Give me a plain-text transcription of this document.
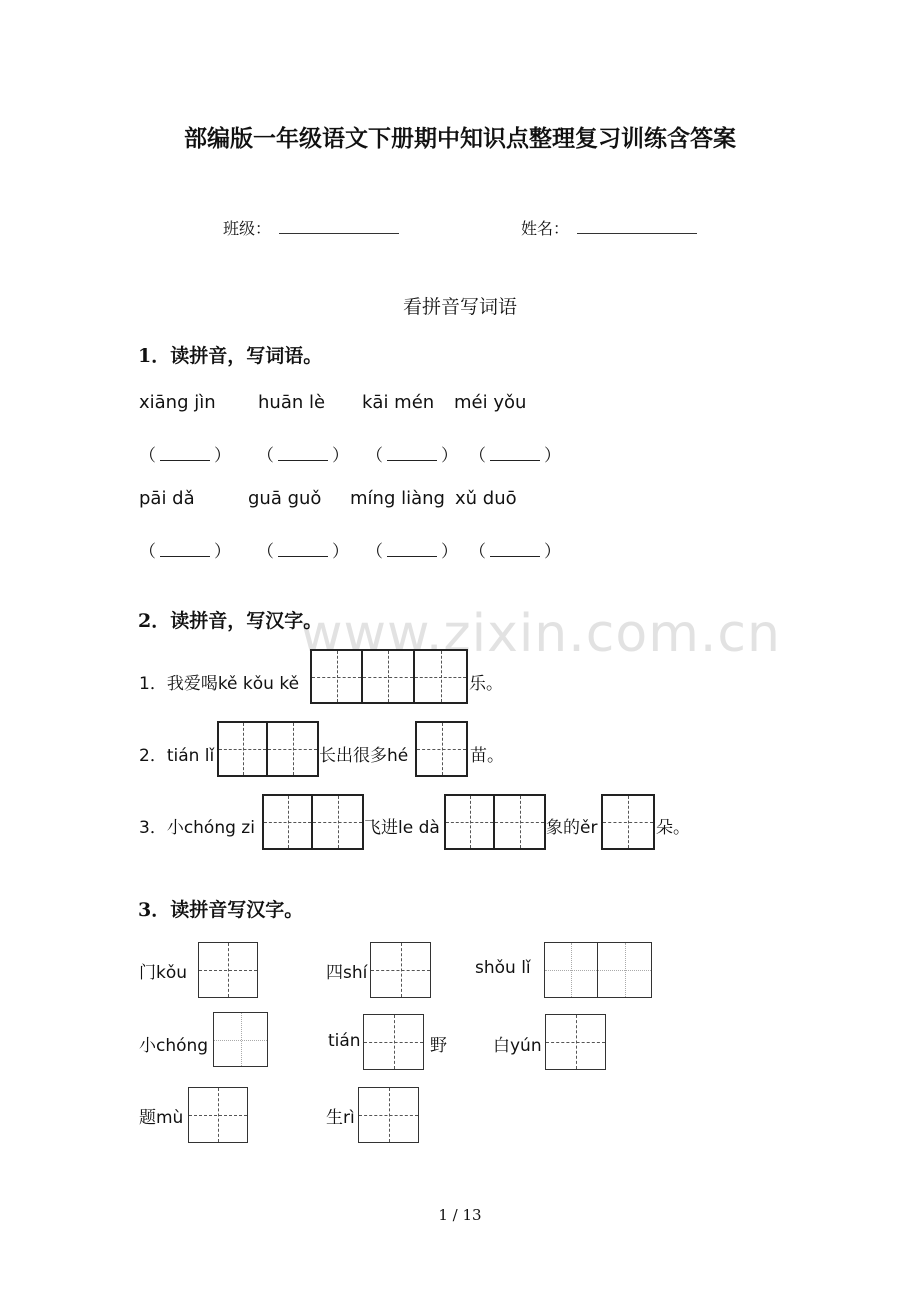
www.zixin.com.cn
部编版一年级语文下册期中知识点整理复习训练含答案
班级：	姓名：
看拼音写词语
1．读拼音，写词语。
xiāng jìn huān lè kāi mén méi yǒu
（	） （	） （	） （	）
pāi dǎ	guā guǒ míng liàng xǔ duō
（	） （	） （	） （	）
2．读拼音，写汉字。
1．我爱喝kě kǒu kě	乐。
2．tián lǐ	长出很多hé	苗。
3．小chóng zi	飞进le dà	象的ěr	朵。
3．读拼音写汉字。
门kǒu	四shí	shǒu lǐ
小chóng	tián	野	白yún
题mù	生rì
1 / 13
